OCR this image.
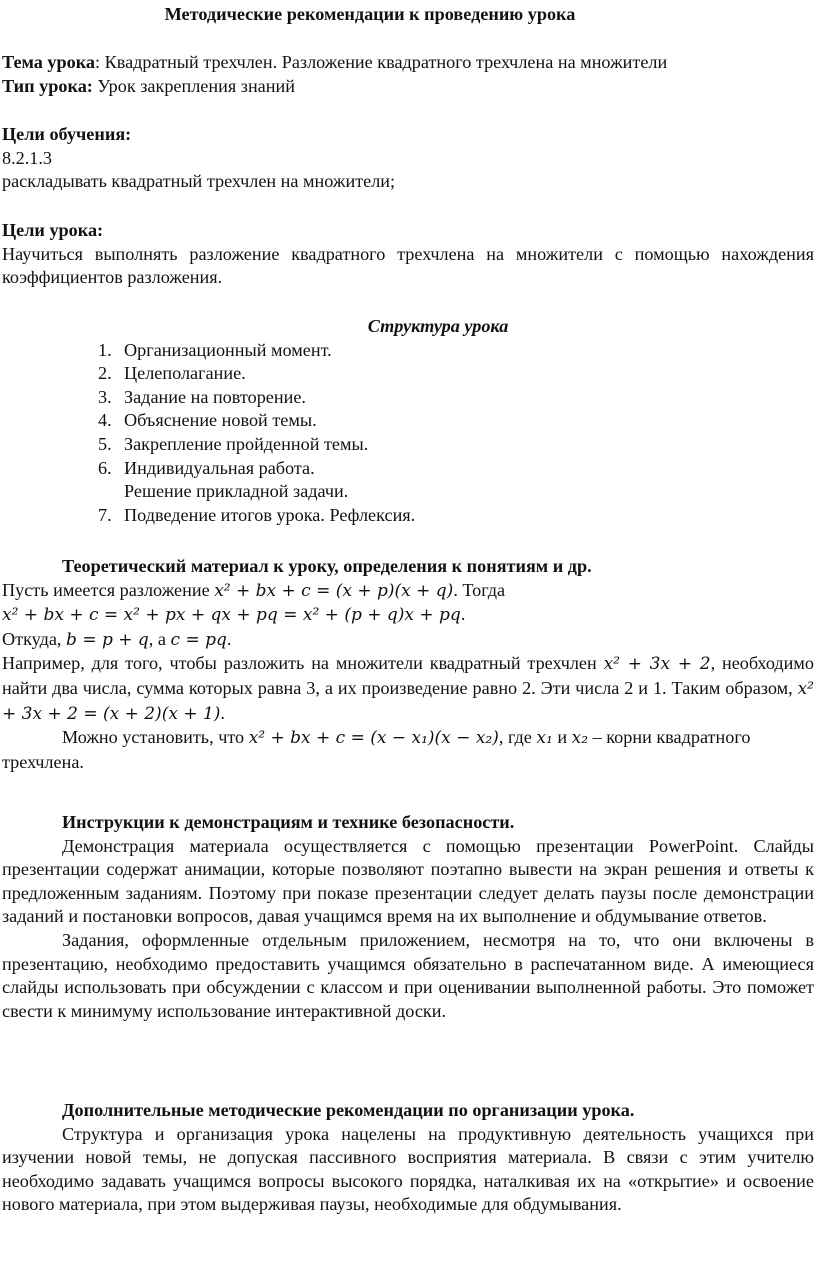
Методические рекомендации к проведению урока

Тема урока: Квадратный трехчлен. Разложение квадратного трехчлена на множители

Тип урока: Урок закрепления знаний

Цели обучения:

8.2.1.3

раскладывать квадратный трехчлен на множители;

Цели урока:

Научиться выполнять разложение квадратного трехчлена на множители с помощью нахождения коэффициентов разложения.

Структура урока

1. Организационный момент.
2. Целеполагание.
3. Задание на повторение.
4. Объяснение новой темы.
5. Закрепление пройденной темы.
6. Индивидуальная работа.
Решение прикладной задачи.
7. Подведение итогов урока. Рефлексия.

Теоретический материал к уроку, определения к понятиям и др.

Пусть имеется разложение x² + bx + c = (x + p)(x + q). Тогда

x² + bx + c = x² + px + qx + pq = x² + (p + q)x + pq.

Откуда, b = p + q, а c = pq.

Например, для того, чтобы разложить на множители квадратный трехчлен x² + 3x + 2, необходимо найти два числа, сумма которых равна 3, а их произведение равно 2. Эти числа 2 и 1. Таким образом, x² + 3x + 2 = (x + 2)(x + 1).

Можно установить, что x² + bx + c = (x − x₁)(x − x₂), где x₁ и x₂ – корни квадратного трехчлена.

Инструкции к демонстрациям и технике безопасности.

Демонстрация материала осуществляется с помощью презентации PowerPoint. Слайды презентации содержат анимации, которые позволяют поэтапно вывести на экран решения и ответы к предложенным заданиям. Поэтому при показе презентации следует делать паузы после демонстрации заданий и постановки вопросов, давая учащимся время на их выполнение и обдумывание ответов.

Задания, оформленные отдельным приложением, несмотря на то, что они включены в презентацию, необходимо предоставить учащимся обязательно в распечатанном виде. А имеющиеся слайды использовать при обсуждении с классом и при оценивании выполненной работы. Это поможет свести к минимуму использование интерактивной доски.

Дополнительные методические рекомендации по организации урока.

Структура и организация урока нацелены на продуктивную деятельность учащихся при изучении новой темы, не допуская пассивного восприятия материала. В связи с этим учителю необходимо задавать учащимся вопросы высокого порядка, наталкивая их на «открытие» и освоение нового материала, при этом выдерживая паузы, необходимые для обдумывания.
